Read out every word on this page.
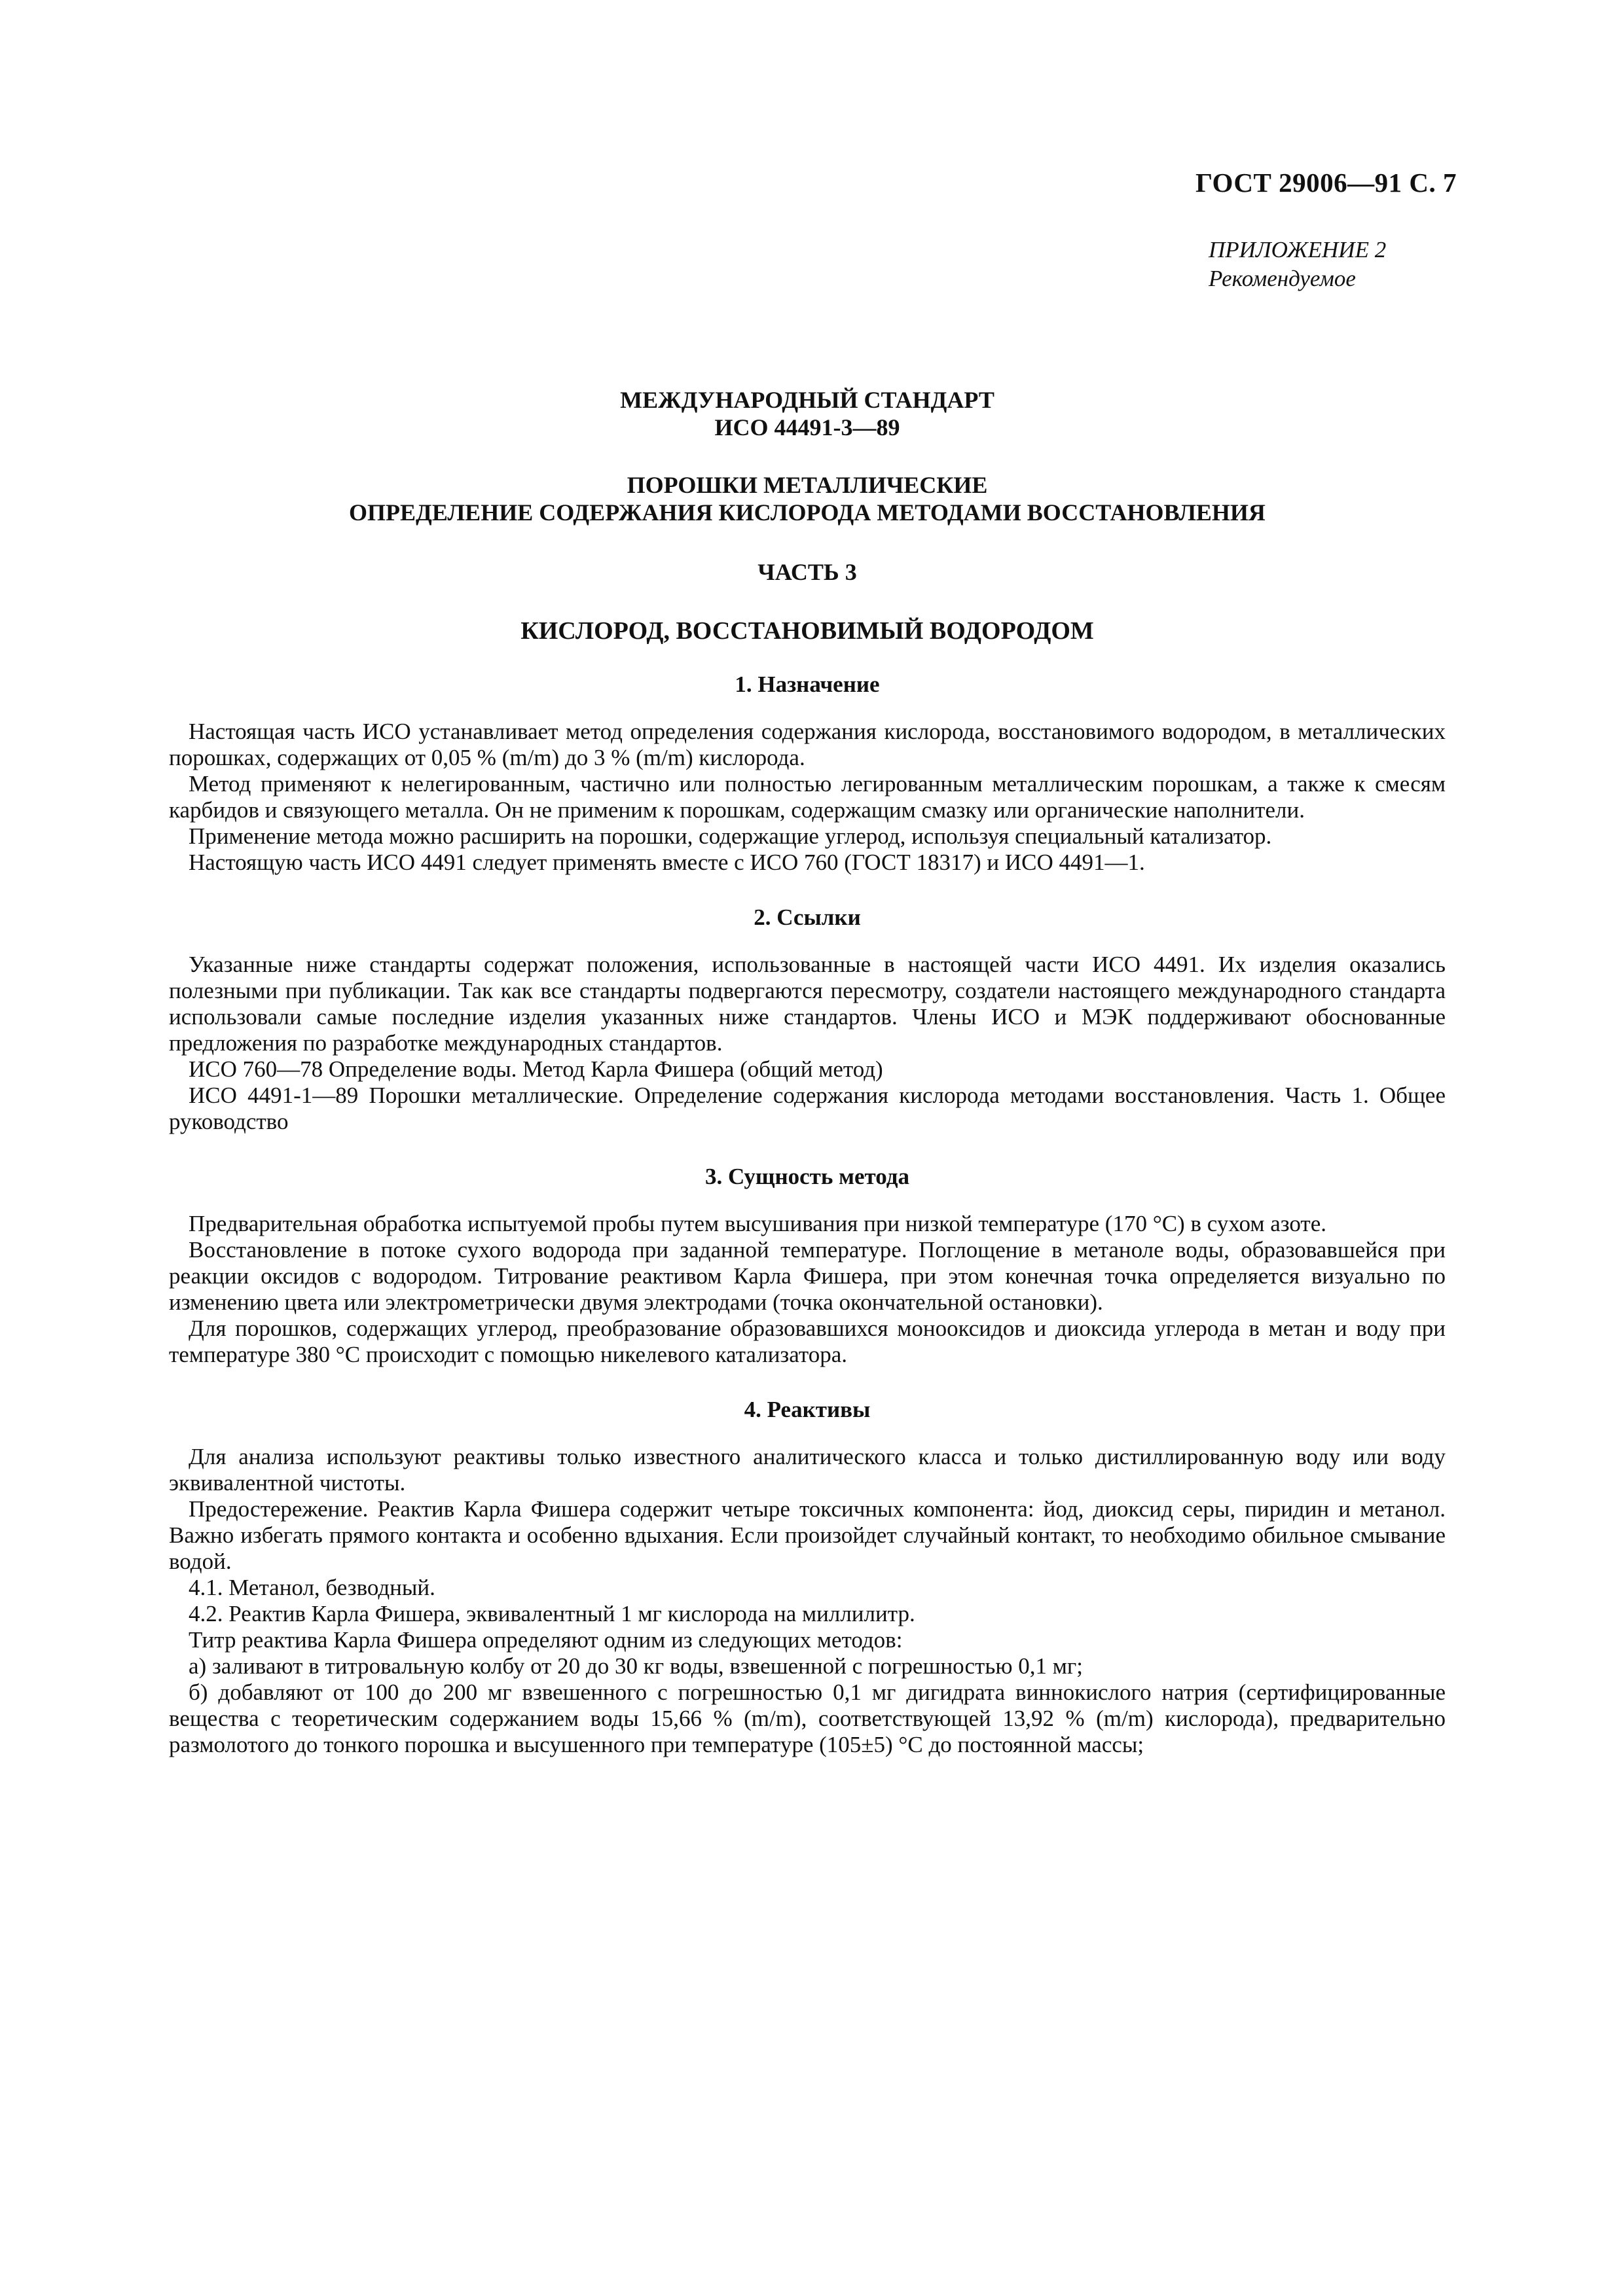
ГОСТ 29006—91 С. 7
ПРИЛОЖЕНИЕ 2
Рекомендуемое
МЕЖДУНАРОДНЫЙ СТАНДАРТ
ИСО 44491-3—89
ПОРОШКИ МЕТАЛЛИЧЕСКИЕ
ОПРЕДЕЛЕНИЕ СОДЕРЖАНИЯ КИСЛОРОДА МЕТОДАМИ ВОССТАНОВЛЕНИЯ
ЧАСТЬ 3
КИСЛОРОД, ВОССТАНОВИМЫЙ ВОДОРОДОМ
1. Назначение

Настоящая часть ИСО устанавливает метод определения содержания кислорода, восстановимого водородом, в металлических порошках, содержащих от 0,05 % (m/m) до 3 % (m/m) кислорода.

Метод применяют к нелегированным, частично или полностью легированным металлическим порошкам, а также к смесям карбидов и связующего металла. Он не применим к порошкам, содержащим смазку или органические наполнители.

Применение метода можно расширить на порошки, содержащие углерод, используя специальный катализатор.

Настоящую часть ИСО 4491 следует применять вместе с ИСО 760 (ГОСТ 18317) и ИСО 4491—1.

2. Ссылки

Указанные ниже стандарты содержат положения, использованные в настоящей части ИСО 4491. Их изделия оказались полезными при публикации. Так как все стандарты подвергаются пересмотру, создатели настоящего международного стандарта использовали самые последние изделия указанных ниже стандартов. Члены ИСО и МЭК поддерживают обоснованные предложения по разработке международных стандартов.

ИСО 760—78 Определение воды. Метод Карла Фишера (общий метод)

ИСО 4491-1—89 Порошки металлические. Определение содержания кислорода методами восстановления. Часть 1. Общее руководство

3. Сущность метода

Предварительная обработка испытуемой пробы путем высушивания при низкой температуре (170 °С) в сухом азоте.

Восстановление в потоке сухого водорода при заданной температуре. Поглощение в метаноле воды, образовавшейся при реакции оксидов с водородом. Титрование реактивом Карла Фишера, при этом конечная точка определяется визуально по изменению цвета или электрометрически двумя электродами (точка окончательной остановки).

Для порошков, содержащих углерод, преобразование образовавшихся монооксидов и диоксида углерода в метан и воду при температуре 380 °С происходит с помощью никелевого катализатора.

4. Реактивы

Для анализа используют реактивы только известного аналитического класса и только дистиллированную воду или воду эквивалентной чистоты.

Предостережение. Реактив Карла Фишера содержит четыре токсичных компонента: йод, диоксид серы, пиридин и метанол. Важно избегать прямого контакта и особенно вдыхания. Если произойдет случайный контакт, то необходимо обильное смывание водой.

4.1. Метанол, безводный.

4.2. Реактив Карла Фишера, эквивалентный 1 мг кислорода на миллилитр.

Титр реактива Карла Фишера определяют одним из следующих методов:

а) заливают в титровальную колбу от 20 до 30 кг воды, взвешенной с погрешностью 0,1 мг;

б) добавляют от 100 до 200 мг взвешенного с погрешностью 0,1 мг дигидрата виннокислого натрия (сертифицированные вещества с теоретическим содержанием воды 15,66 % (m/m), соответствующей 13,92 % (m/m) кислорода), предварительно размолотого до тонкого порошка и высушенного при температуре (105±5) °С до постоянной массы;
